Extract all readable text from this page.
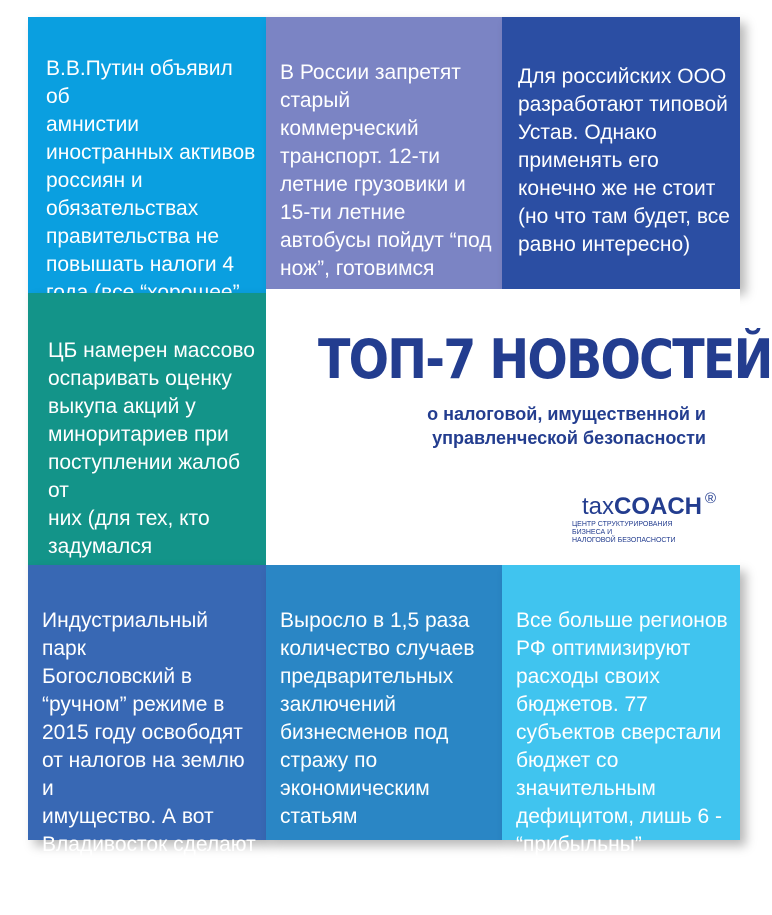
В.В.Путин объявил об
амнистии
иностранных активов
россиян и
обязательствах
правительства не
повышать налоги 4

В России запретят
старый коммерческий
транспорт. 12-ти
летние грузовики и
15-ти летние
автобусы пойдут “под
нож”, готовимся

Для российских ООО
разработают типовой
Устав. Однако
применять его
конечно же не стоит
(но что там будет, все
равно интересно)

ЦБ намерен массово
оспаривать оценку
выкупа акций у
миноритариев при
поступлении жалоб от
них (для тех, кто
задумался

Индустриальный парк
Богословский в
“ручном” режиме в
2015 году освободят
от налогов на землю и
имущество. А вот
Владивосток сделают
открытым портом на
постоянку...

Выросло в 1,5 раза
количество случаев
предварительных
заключений
бизнесменов под
стражу по
экономическим
статьям

Все больше регионов
РФ оптимизируют
расходы своих
бюджетов. 77
субъектов сверстали
бюджет со
значительным
дефицитом, лишь 6 -
“прибыльны”

ТОП-7 НОВОСТЕЙ
о налоговой, имущественной и
управленческой безопасности
taxCOACH ®
ЦЕНТР СТРУКТУРИРОВАНИЯ БИЗНЕСА И
НАЛОГОВОЙ БЕЗОПАСНОСТИ
